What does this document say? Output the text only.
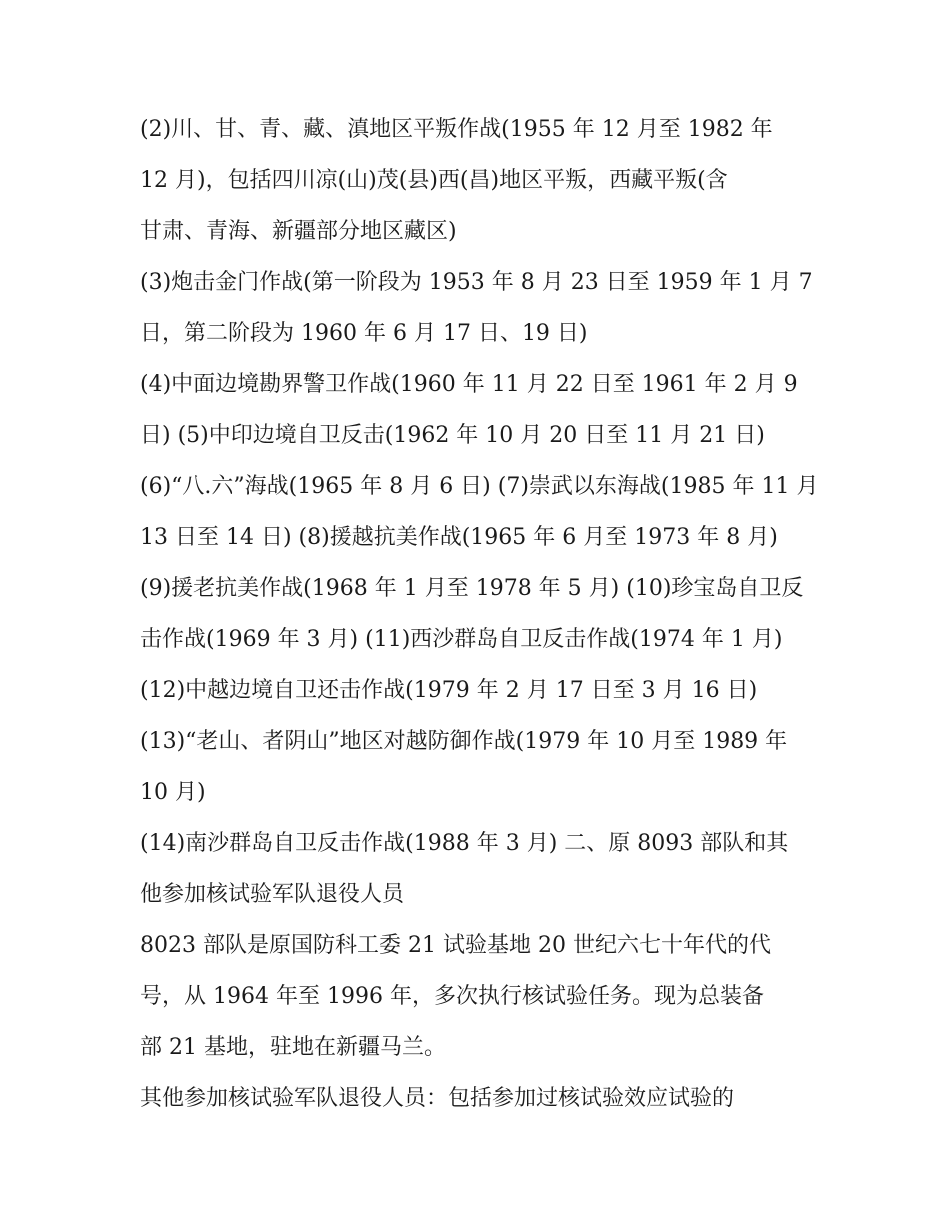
(2)川、甘、青、藏、滇地区平叛作战(1955 年 12 月至 1982 年
12 月)，包括四川凉(山)茂(县)西(昌)地区平叛，西藏平叛(含
甘肃、青海、新疆部分地区藏区)
(3)炮击金门作战(第一阶段为 1953 年 8 月 23 日至 1959 年 1 月 7
日，第二阶段为 1960 年 6 月 17 日、19 日)
(4)中面边境勘界警卫作战(1960 年 11 月 22 日至 1961 年 2 月 9
日) (5)中印边境自卫反击(1962 年 10 月 20 日至 11 月 21 日)
(6)“八.六”海战(1965 年 8 月 6 日) (7)崇武以东海战(1985 年 11 月
13 日至 14 日) (8)援越抗美作战(1965 年 6 月至 1973 年 8 月)
(9)援老抗美作战(1968 年 1 月至 1978 年 5 月) (10)珍宝岛自卫反
击作战(1969 年 3 月) (11)西沙群岛自卫反击作战(1974 年 1 月)
(12)中越边境自卫还击作战(1979 年 2 月 17 日至 3 月 16 日)
(13)“老山、者阴山”地区对越防御作战(1979 年 10 月至 1989 年
10 月)
(14)南沙群岛自卫反击作战(1988 年 3 月) 二、原 8093 部队和其
他参加核试验军队退役人员
8023 部队是原国防科工委 21 试验基地 20 世纪六七十年代的代
号，从 1964 年至 1996 年，多次执行核试验任务。现为总装备
部 21 基地，驻地在新疆马兰。
其他参加核试验军队退役人员：包括参加过核试验效应试验的
